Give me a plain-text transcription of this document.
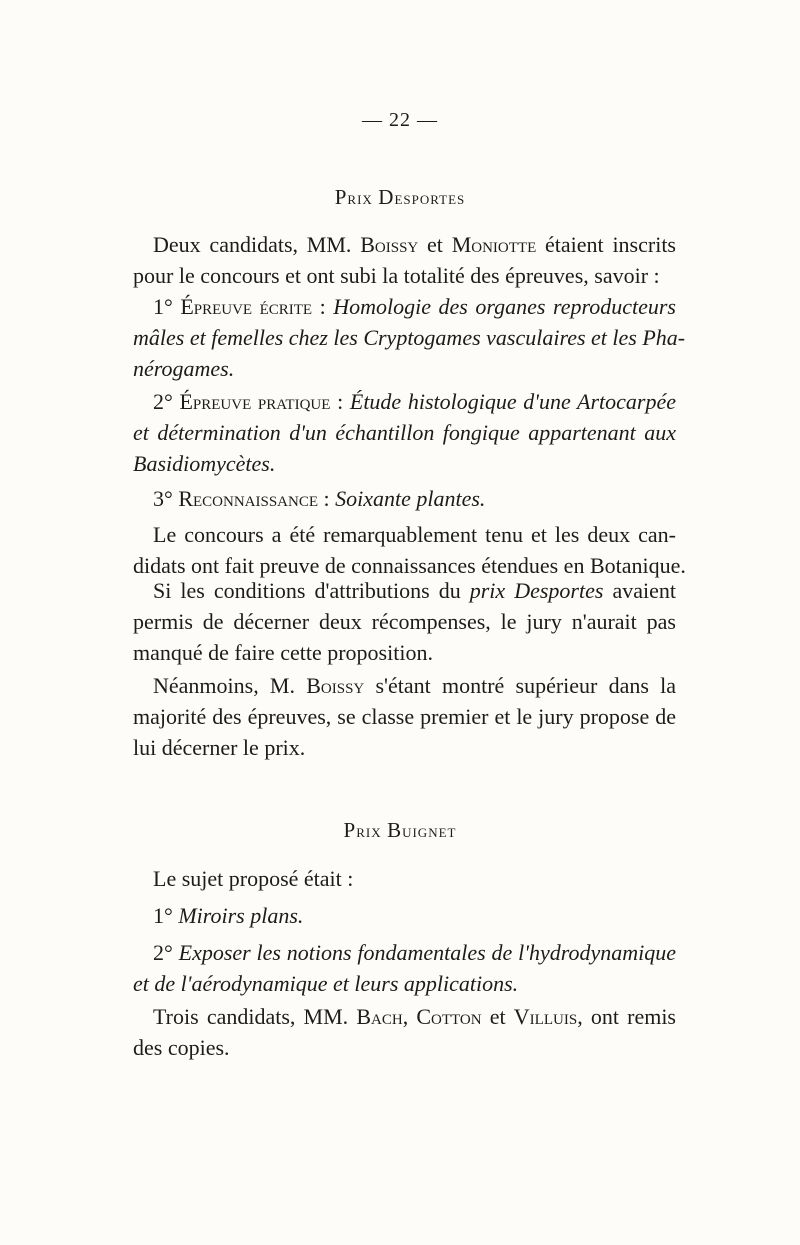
— 22 —
Prix Desportes
Deux candidats, MM. Boissy et Moniotte étaient inscrits
pour le concours et ont subi la totalité des épreuves, savoir :
1° Épreuve écrite : Homologie des organes reproducteurs
mâles et femelles chez les Cryptogames vasculaires et les Pha-
nérogames.
2° Épreuve pratique : Étude histologique d'une Artocarpée
et détermination d'un échantillon fongique appartenant aux
Basidiomycètes.
3° Reconnaissance : Soixante plantes.
Le concours a été remarquablement tenu et les deux can-
didats ont fait preuve de connaissances étendues en Botanique.
Si les conditions d'attributions du prix Desportes avaient
permis de décerner deux récompenses, le jury n'aurait pas
manqué de faire cette proposition.
Néanmoins, M. Boissy s'étant montré supérieur dans la
majorité des épreuves, se classe premier et le jury propose de
lui décerner le prix.
Prix Buignet
Le sujet proposé était :
1° Miroirs plans.
2° Exposer les notions fondamentales de l'hydrodynamique
et de l'aérodynamique et leurs applications.
Trois candidats, MM. Bach, Cotton et Villuis, ont remis
des copies.
